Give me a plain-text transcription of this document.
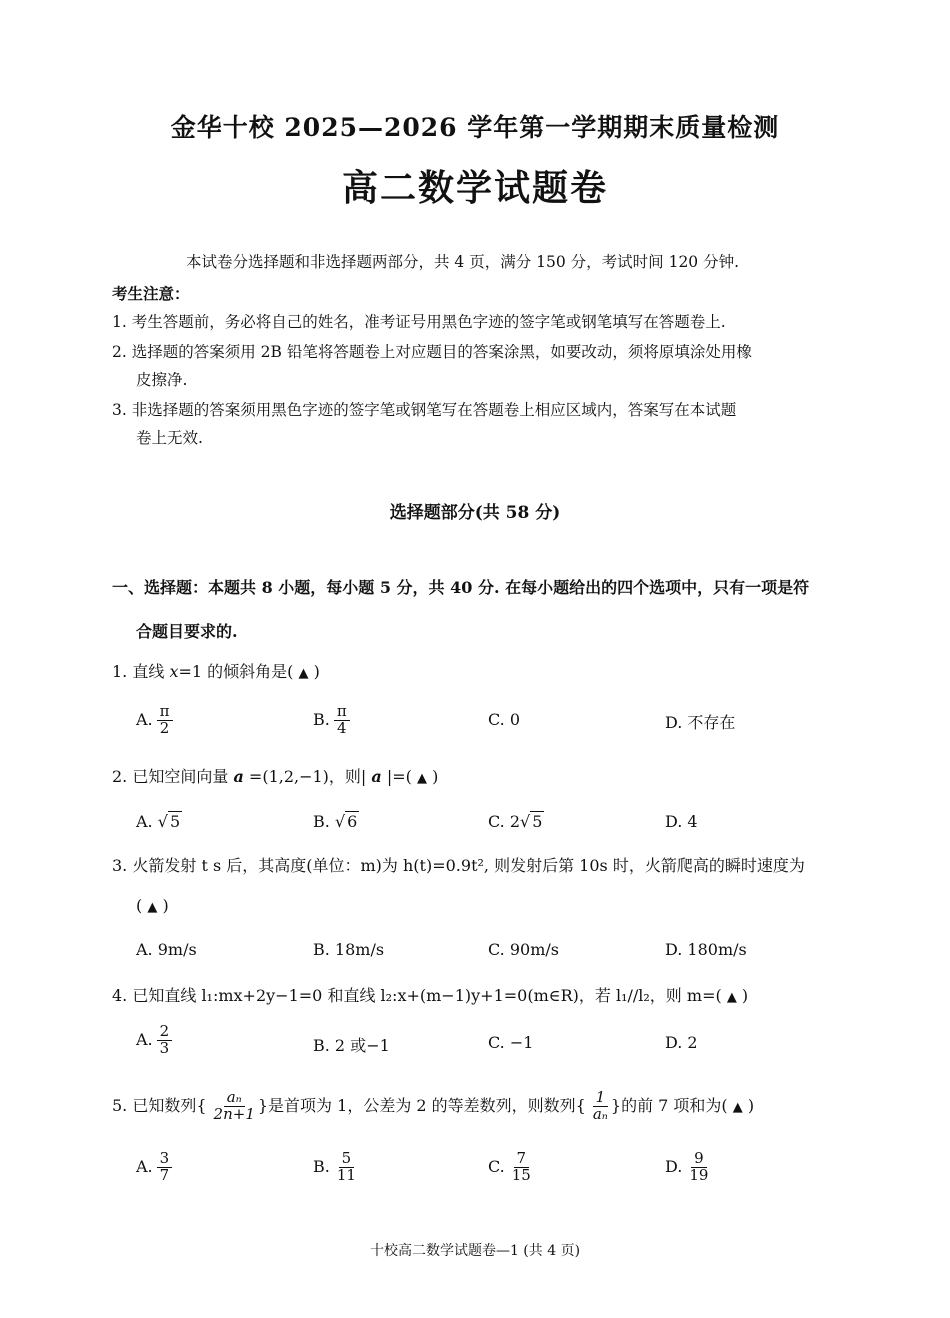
金华十校 2025—2026 学年第一学期期末质量检测
高二数学试题卷
本试卷分选择题和非选择题两部分，共 4 页，满分 150 分，考试时间 120 分钟.
考生注意：
1. 考生答题前，务必将自己的姓名，准考证号用黑色字迹的签字笔或钢笔填写在答题卷上.
2. 选择题的答案须用 2B 铅笔将答题卷上对应题目的答案涂黑，如要改动，须将原填涂处用橡
皮擦净.
3. 非选择题的答案须用黑色字迹的签字笔或钢笔写在答题卷上相应区域内，答案写在本试题
卷上无效.
选择题部分(共 58 分)
一、选择题：本题共 8 小题，每小题 5 分，共 40 分. 在每小题给出的四个选项中，只有一项是符
合题目要求的.
1. 直线 x=1 的倾斜角是( ▲ )
A. $\frac{\pi}{2}$	B. $\frac{\pi}{4}$	C. 0	D. 不存在
2. 已知空间向量 a =(1,2,−1)，则| a |=( ▲ )
A. √ 5	B. √ 6	C. 2√ 5	D. 4
3. 火箭发射 t s 后，其高度(单位：m)为 h(t)=0.9t², 则发射后第 10s 时，火箭爬高的瞬时速度为
( ▲ )
A. 9m/s	B. 18m/s	C. 90m/s	D. 180m/s
4. 已知直线 l₁:mx+2y−1=0 和直线 l₂:x+(m−1)y+1=0(m∈R)，若 l₁//l₂，则 m=( ▲ )
A. $\frac{2}{3}$	B. 2 或−1	C. −1	D. 2
5. 已知数列{ $\frac{\text{aₙ}}{2n+1}$ }是首项为 1，公差为 2 的等差数列，则数列{ $\frac{1}{\text{aₙ}}$ }的前 7 项和为( ▲ )
A. $\frac{3}{7}$	B. $\frac{5}{11}$	C. $\frac{7}{15}$	D. $\frac{9}{19}$
十校高二数学试题卷—1 (共 4 页)
